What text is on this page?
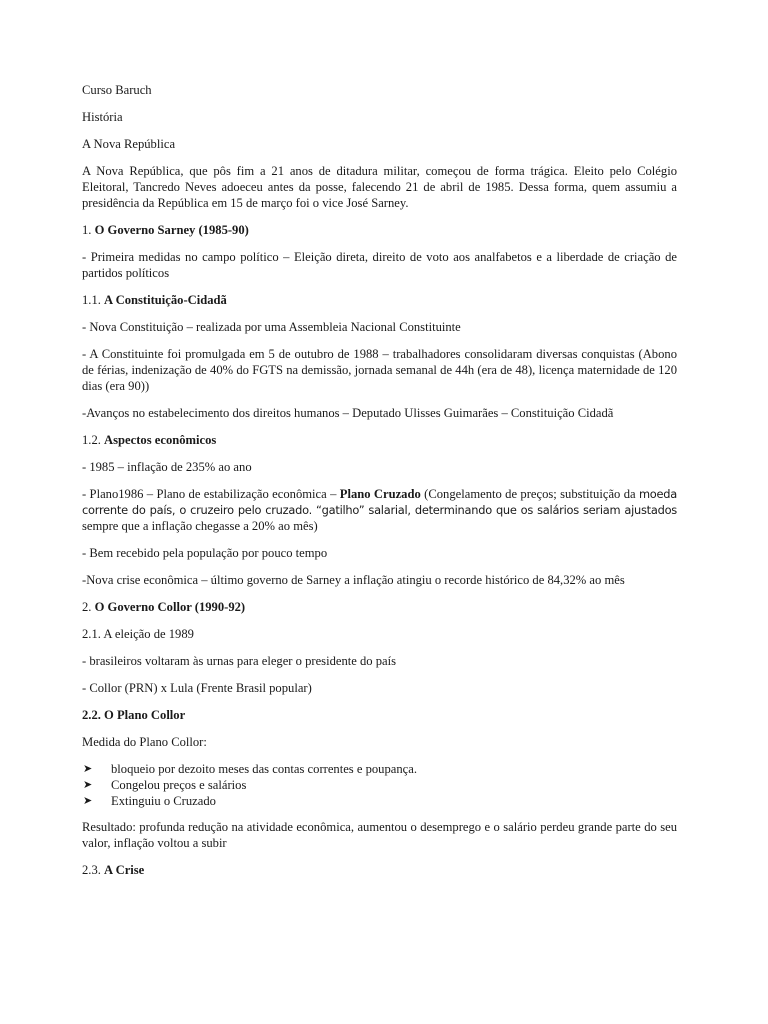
Curso Baruch

História

A Nova República

A Nova República, que pôs fim a 21 anos de ditadura militar, começou de forma trágica. Eleito pelo Colégio Eleitoral, Tancredo Neves adoeceu antes da posse, falecendo 21 de abril de 1985. Dessa forma, quem assumiu a presidência da República em 15 de março foi o vice José Sarney.

1. O Governo Sarney (1985-90)

- Primeira medidas no campo político – Eleição direta, direito de voto aos analfabetos e a liberdade de criação de partidos políticos

1.1. A Constituição-Cidadã

- Nova Constituição – realizada por uma Assembleia Nacional Constituinte

- A Constituinte foi promulgada em 5 de outubro de 1988 – trabalhadores consolidaram diversas conquistas (Abono de férias, indenização de 40% do FGTS na demissão, jornada semanal de 44h (era de 48), licença maternidade de 120 dias (era 90))

-Avanços no estabelecimento dos direitos humanos – Deputado Ulisses Guimarães – Constituição Cidadã

1.2. Aspectos econômicos

- 1985 – inflação de 235% ao ano

- Plano1986 – Plano de estabilização econômica – Plano Cruzado (Congelamento de preços; substituição da moeda corrente do país, o cruzeiro pelo cruzado. “gatilho” salarial, determinando que os salários seriam ajustados sempre que a inflação chegasse a 20% ao mês)

- Bem recebido pela população por pouco tempo

-Nova crise econômica – último governo de Sarney a inflação atingiu o recorde histórico de 84,32% ao mês

2. O Governo Collor (1990-92)

2.1. A eleição de 1989

- brasileiros voltaram às urnas para eleger o presidente do país

- Collor (PRN) x Lula (Frente Brasil popular)

2.2. O Plano Collor

Medida do Plano Collor:

➤ bloqueio por dezoito meses das contas correntes e poupança.
➤ Congelou preços e salários
➤ Extinguiu o Cruzado

Resultado: profunda redução na atividade econômica, aumentou o desemprego e o salário perdeu grande parte do seu valor, inflação voltou a subir

2.3. A Crise
